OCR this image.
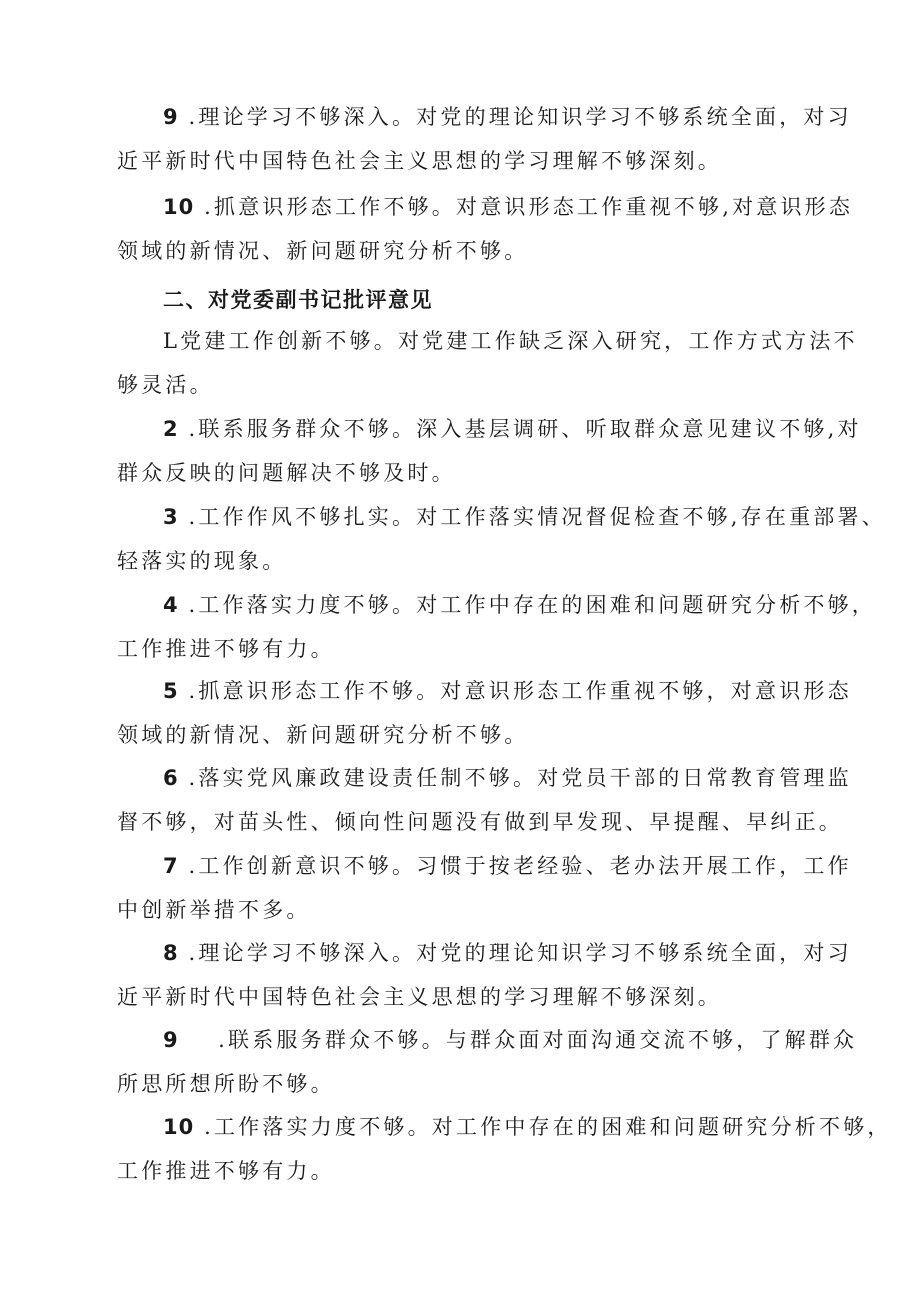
9 .理论学习不够深入。对党的理论知识学习不够系统全面，对习
近平新时代中国特色社会主义思想的学习理解不够深刻。

10 .抓意识形态工作不够。对意识形态工作重视不够,对意识形态
领域的新情况、新问题研究分析不够。

二、对党委副书记批评意见

L党建工作创新不够。对党建工作缺乏深入研究，工作方式方法不
够灵活。

2 .联系服务群众不够。深入基层调研、听取群众意见建议不够,对
群众反映的问题解决不够及时。

3 .工作作风不够扎实。对工作落实情况督促检查不够,存在重部署、
轻落实的现象。

4 .工作落实力度不够。对工作中存在的困难和问题研究分析不够，
工作推进不够有力。

5 .抓意识形态工作不够。对意识形态工作重视不够，对意识形态
领域的新情况、新问题研究分析不够。

6 .落实党风廉政建设责任制不够。对党员干部的日常教育管理监
督不够，对苗头性、倾向性问题没有做到早发现、早提醒、早纠正。

7 .工作创新意识不够。习惯于按老经验、老办法开展工作，工作
中创新举措不多。

8 .理论学习不够深入。对党的理论知识学习不够系统全面，对习
近平新时代中国特色社会主义思想的学习理解不够深刻。

9    .联系服务群众不够。与群众面对面沟通交流不够，了解群众
所思所想所盼不够。

10 .工作落实力度不够。对工作中存在的困难和问题研究分析不够，
工作推进不够有力。
